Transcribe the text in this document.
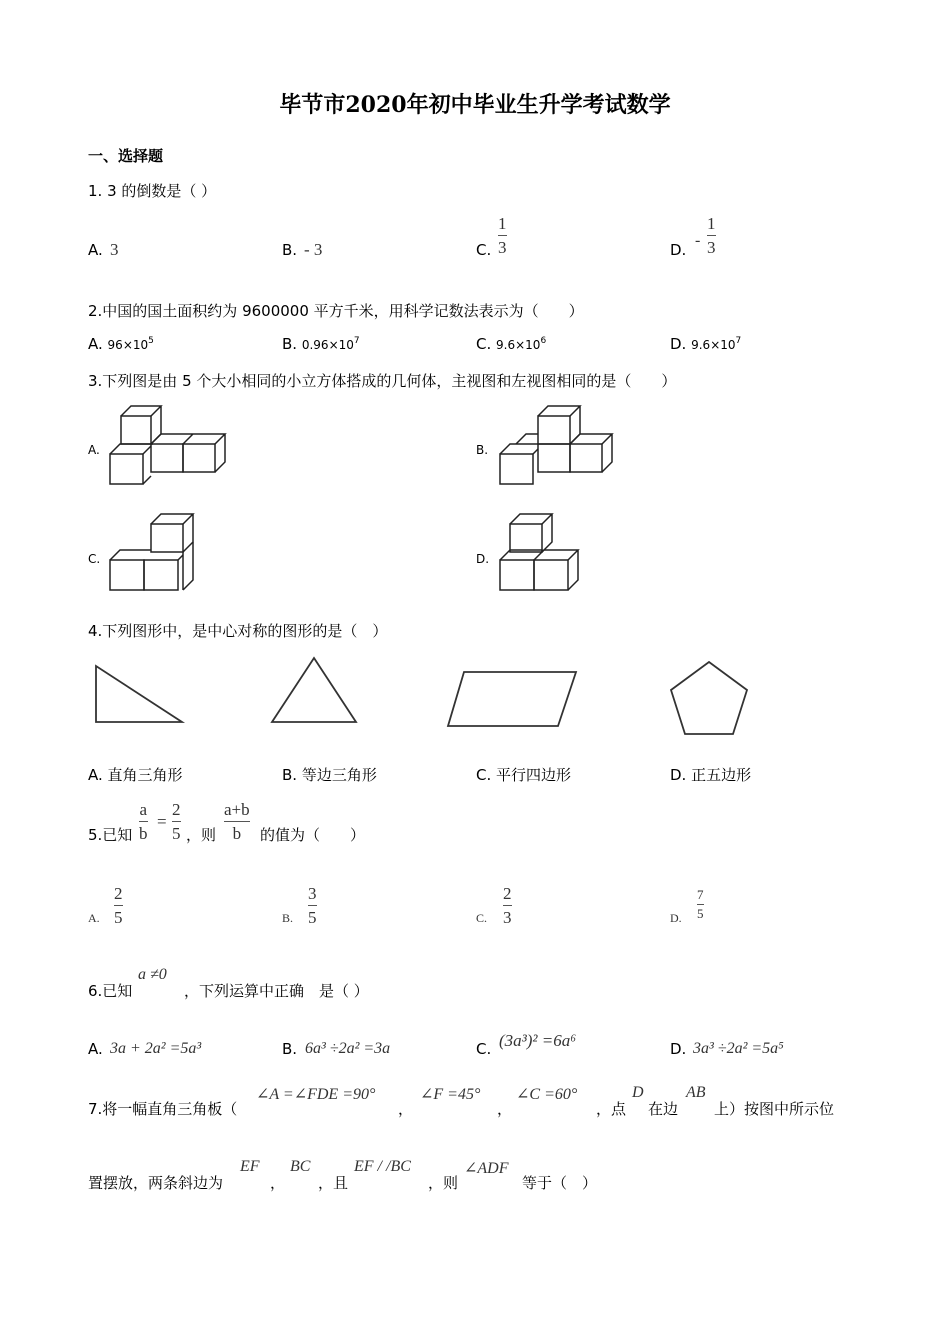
毕节市2020年初中毕业生升学考试数学
一、选择题
1. 3 的倒数是（ ）
A. 3	B. - 3	C.
1
3	D.
-
1
3
2.中国的国土面积约为 9600000 平方千米，用科学记数法表示为（　　）
A. $96\times 10^5$	B. $0.96\times 10^7$	C. $9.6\times 10^6$	D. $9.6\times 10^7$
3.下列图是由 5 个大小相同的小立方体搭成的几何体，主视图和左视图相同的是（　　）
A.	B.
C.	D.
4.下列图形中，是中心对称的图形的是（　）
A. 直角三角形	B. 等边三角形	C. 平行四边形	D. 正五边形
5.已知
a
b
=
2
5 ，则
a+b
b 的值为（　　）
A.
2
5	B.
3
5	C.
2
3	D.
7
5
6.已知
a ≠0
，下列运算中正确　是（ ）
A. 3a + 2a² =5a³	B. 6a³ ÷2a² =3a	C. (3a³)² =6a⁶	D. 3a³ ÷2a² =5a⁵
7.将一幅直角三角板（
∠A =∠FDE =90°
，
∠F =45°
，
∠C =60°
，点
D
在边
AB
上）按图中所示位
置摆放，两条斜边为
EF
，
BC
，且
EF / /BC
，则
∠ADF
等于（　）
